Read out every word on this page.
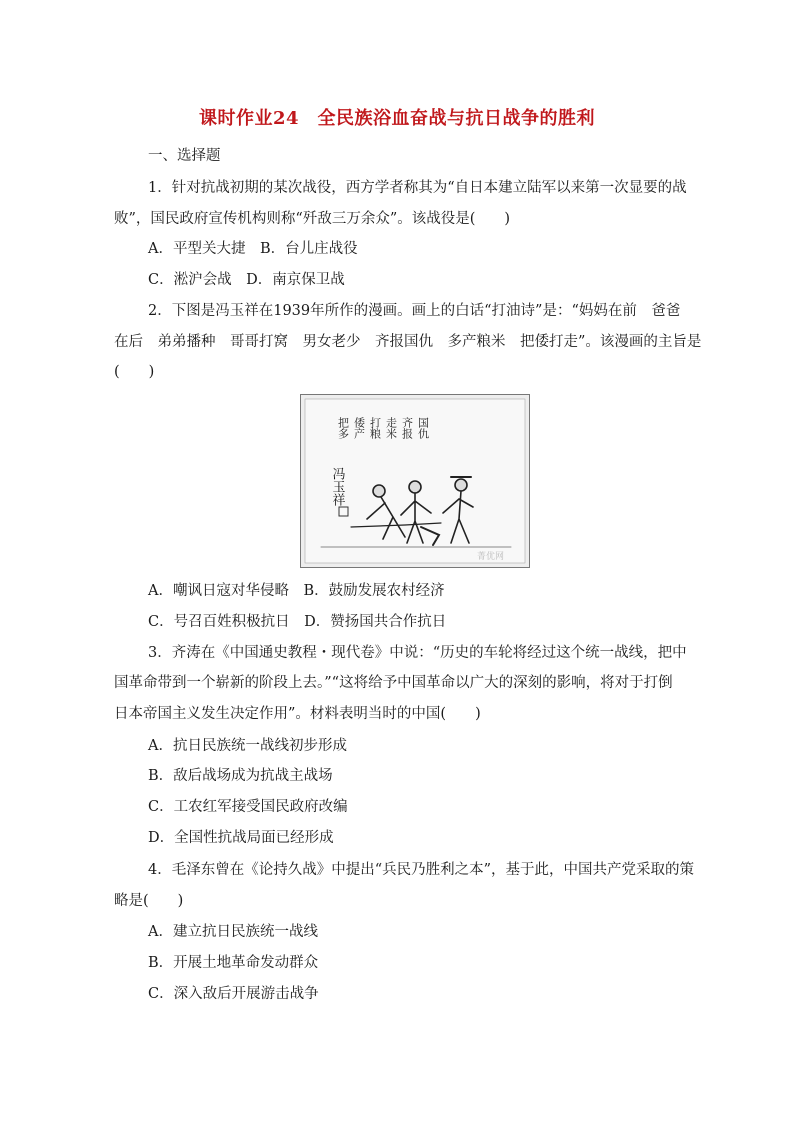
课时作业24　全民族浴血奋战与抗日战争的胜利
一、选择题
1．针对抗战初期的某次战役，西方学者称其为“自日本建立陆军以来第一次显要的战
败”，国民政府宣传机构则称“歼敌三万余众”。该战役是(　　)
A．平型关大捷　B．台儿庄战役
C．淞沪会战　D．南京保卫战
2．下图是冯玉祥在1939年所作的漫画。画上的白话“打油诗”是：“妈妈在前　爸爸
在后　弟弟播种　哥哥打窝　男女老少　齐报国仇　多产粮米　把倭打走”。该漫画的主旨是
(　　)
把多 倭产 打粮 走米 齐报 国仇
冯玉祥
菁优网
A．嘲讽日寇对华侵略　B．鼓励发展农村经济
C．号召百姓积极抗日　D．赞扬国共合作抗日
3．齐涛在《中国通史教程・现代卷》中说：“历史的车轮将经过这个统一战线，把中
国革命带到一个崭新的阶段上去。”“这将给予中国革命以广大的深刻的影响，将对于打倒
日本帝国主义发生决定作用”。材料表明当时的中国(　　)
A．抗日民族统一战线初步形成
B．敌后战场成为抗战主战场
C．工农红军接受国民政府改编
D．全国性抗战局面已经形成
4．毛泽东曾在《论持久战》中提出“兵民乃胜利之本”，基于此，中国共产党采取的策
略是(　　)
A．建立抗日民族统一战线
B．开展土地革命发动群众
C．深入敌后开展游击战争
